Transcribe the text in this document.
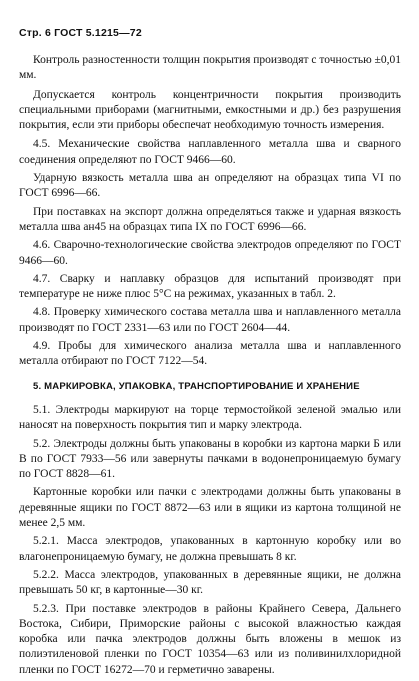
Стр. 6 ГОСТ 5.1215—72

Контроль разностенности толщин покрытия производят с точностью ±0,01 мм.

Допускается контроль концентричности покрытия производить специальными приборами (магнитными, емкостными и др.) без разрушения покрытия, если эти приборы обеспечат необходимую точность измерения.

4.5. Механические свойства наплавленного металла шва и сварного соединения определяют по ГОСТ 9466—60.

Ударную вязкость металла шва aн определяют на образцах типа VI по ГОСТ 6996—66.

При поставках на экспорт должна определяться также и ударная вязкость металла шва aн45 на образцах типа IX по ГОСТ 6996—66.

4.6. Сварочно-технологические свойства электродов определяют по ГОСТ 9466—60.

4.7. Сварку и наплавку образцов для испытаний производят при температуре не ниже плюс 5°С на режимах, указанных в табл. 2.

4.8. Проверку химического состава металла шва и наплавленного металла производят по ГОСТ 2331—63 или по ГОСТ 2604—44.

4.9. Пробы для химического анализа металла шва и наплавленного металла отбирают по ГОСТ 7122—54.

5. МАРКИРОВКА, УПАКОВКА, ТРАНСПОРТИРОВАНИЕ И ХРАНЕНИЕ

5.1. Электроды маркируют на торце термостойкой зеленой эмалью или наносят на поверхность покрытия тип и марку электрода.

5.2. Электроды должны быть упакованы в коробки из картона марки Б или В по ГОСТ 7933—56 или завернуты пачками в водонепроницаемую бумагу по ГОСТ 8828—61.

Картонные коробки или пачки с электродами должны быть упакованы в деревянные ящики по ГОСТ 8872—63 или в ящики из картона толщиной не менее 2,5 мм.

5.2.1. Масса электродов, упакованных в картонную коробку или во влагонепроницаемую бумагу, не должна превышать 8 кг.

5.2.2. Масса электродов, упакованных в деревянные ящики, не должна превышать 50 кг, в картонные—30 кг.

5.2.3. При поставке электродов в районы Крайнего Севера, Дальнего Востока, Сибири, Приморские районы с высокой влажностью каждая коробка или пачка электродов должны быть вложены в мешок из полиэтиленовой пленки по ГОСТ 10354—63 или из поливинилхлоридной пленки по ГОСТ 16272—70 и герметично заварены.
